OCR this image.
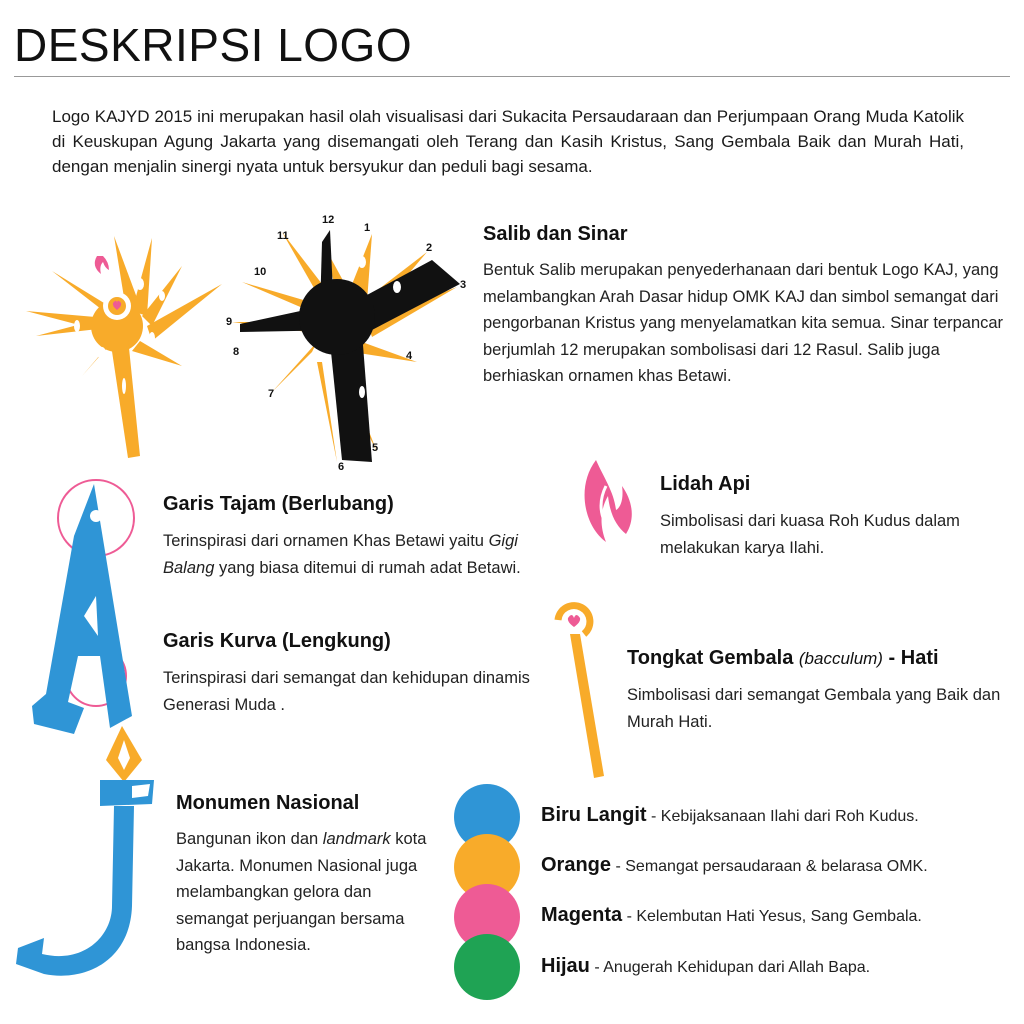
DESKRIPSI LOGO
Logo KAJYD 2015 ini merupakan hasil olah visualisasi dari Sukacita Persaudaraan dan Perjumpaan Orang Muda Katolik di Keuskupan Agung Jakarta yang disemangati oleh Terang dan Kasih Kristus, Sang Gembala Baik dan Murah Hati, dengan menjalin sinergi nyata untuk bersyukur dan peduli bagi sesama.
12
1
2
3
4
5
6
7
8
9
10
11	Salib dan Sinar
Bentuk Salib merupakan penyederhanaan dari bentuk Logo KAJ, yang melambangkan Arah Dasar hidup OMK KAJ dan simbol semangat dari pengorbanan Kristus yang menyelamatkan kita semua. Sinar terpancar berjumlah 12 merupakan sombolisasi dari 12 Rasul. Salib juga berhiaskan ornamen khas Betawi.
Lidah Api
Simbolisasi dari kuasa Roh Kudus dalam melakukan karya Ilahi.
Garis Tajam (Berlubang)
Terinspirasi dari ornamen Khas Betawi yaitu Gigi Balang yang biasa ditemui di rumah adat Betawi.
Garis Kurva (Lengkung)
Terinspirasi dari semangat dan kehidupan dinamis Generasi Muda .
Tongkat Gembala (bacculum) - Hati
Simbolisasi dari semangat Gembala yang Baik dan Murah Hati.
Monumen Nasional
Bangunan ikon dan landmark kota Jakarta. Monumen Nasional juga melambangkan gelora dan semangat perjuangan bersama bangsa Indonesia.
Biru Langit - Kebijaksanaan Ilahi dari Roh Kudus.
Orange - Semangat persaudaraan & belarasa OMK.
Magenta - Kelembutan Hati Yesus, Sang Gembala.
Hijau - Anugerah Kehidupan dari Allah Bapa.
